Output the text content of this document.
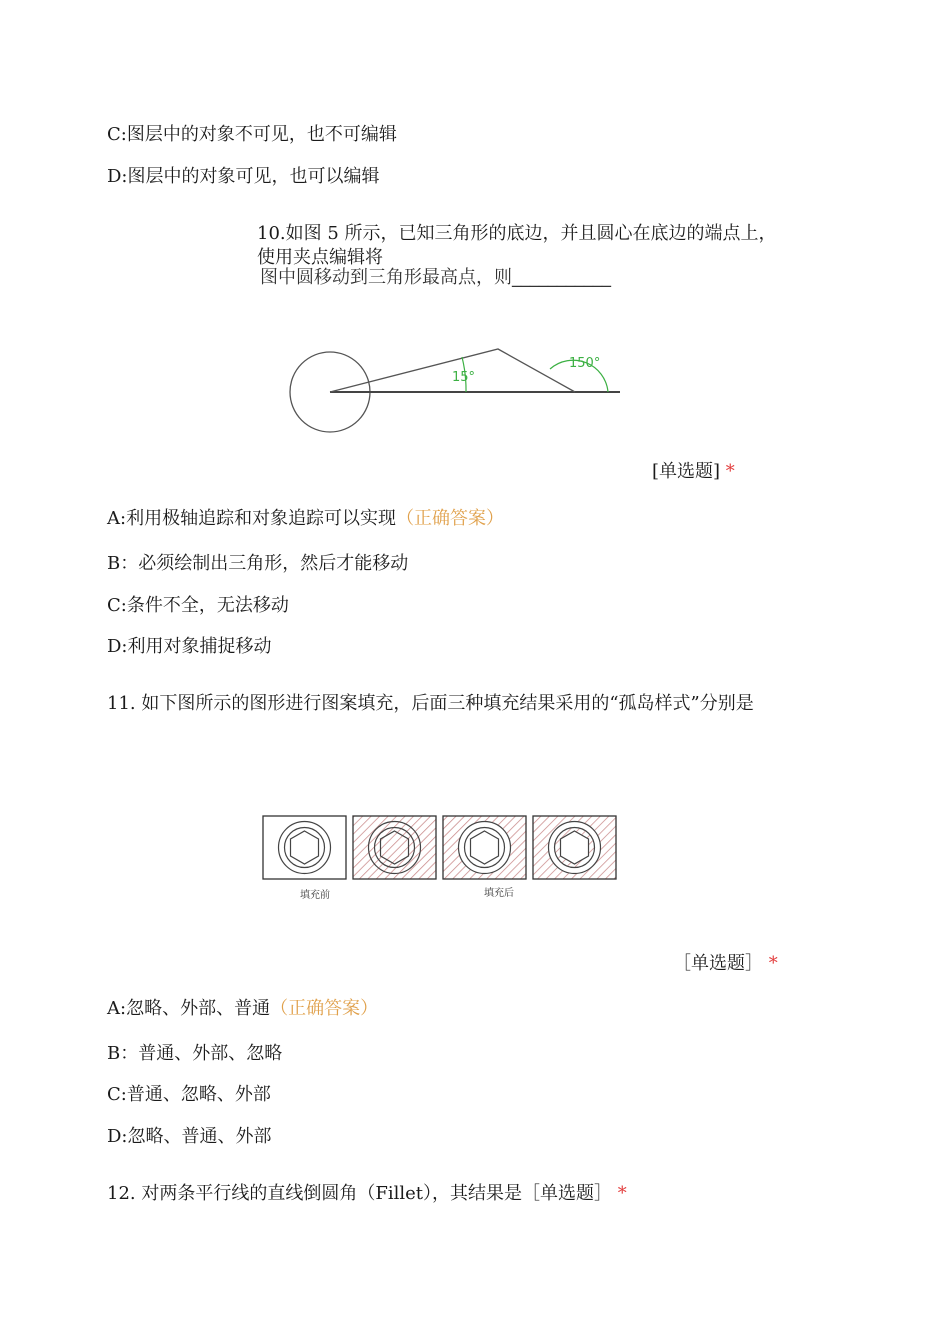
C:图层中的对象不可见，也不可编辑
D:图层中的对象可见，也可以编辑
10.如图 5 所示，已知三角形的底边，并且圆心在底边的端点上，
使用夹点编辑将
图中圆移动到三角形最高点，则___________
15°
150°
[单选题] *
A:利用极轴追踪和对象追踪可以实现（正确答案）
B：必须绘制出三角形，然后才能移动
C:条件不全，无法移动
D:利用对象捕捉移动
11. 如下图所示的图形进行图案填充，后面三种填充结果采用的“孤岛样式”分别是
填充前	填充后
［单选题］ *
A:忽略、外部、普通（正确答案）
B：普通、外部、忽略
C:普通、忽略、外部
D:忽略、普通、外部
12. 对两条平行线的直线倒圆角（Fillet），其结果是［单选题］ *
